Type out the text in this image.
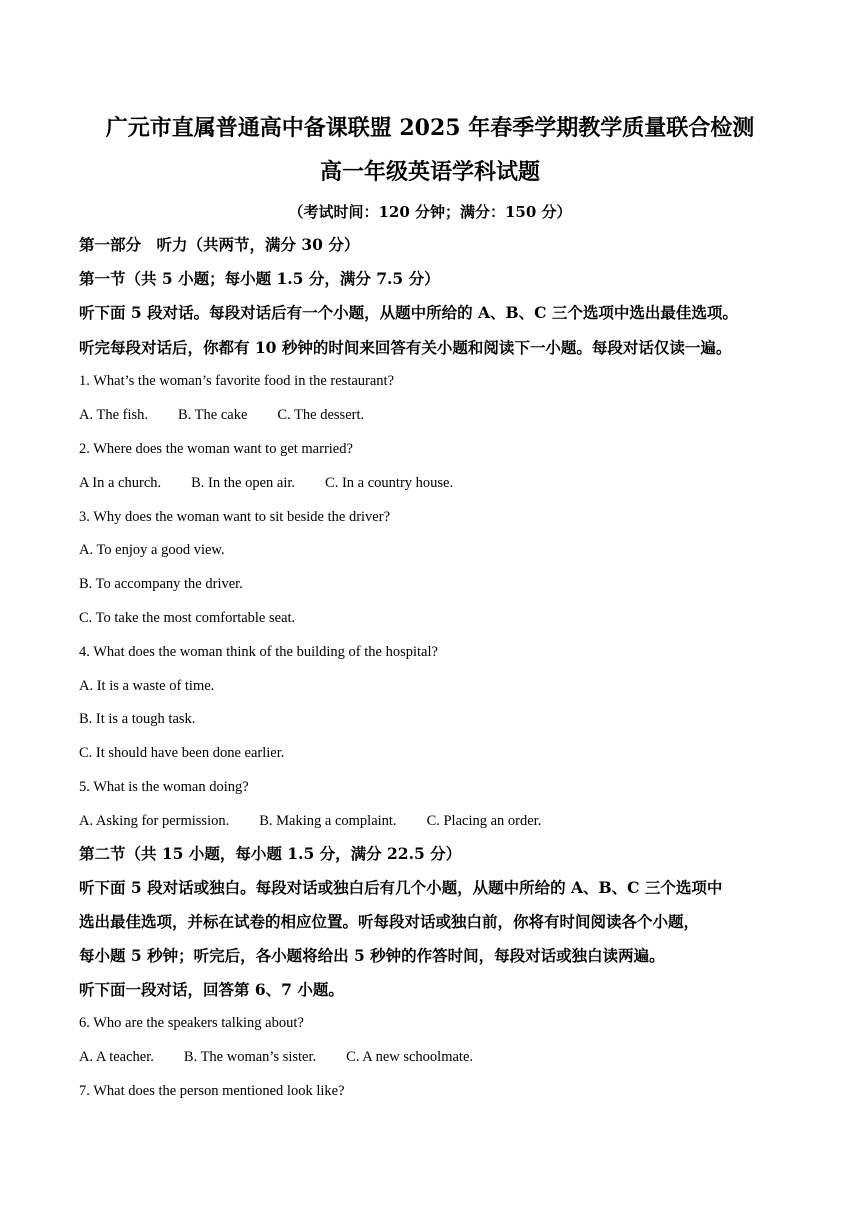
广元市直属普通高中备课联盟 2025 年春季学期教学质量联合检测
高一年级英语学科试题
（考试时间：120 分钟；满分：150 分）
第一部分　听力（共两节，满分 30 分）
第一节（共 5 小题；每小题 1.5 分，满分 7.5 分）
听下面 5 段对话。每段对话后有一个小题，从题中所给的 A、B、C 三个选项中选出最佳选项。
听完每段对话后，你都有 10 秒钟的时间来回答有关小题和阅读下一小题。每段对话仅读一遍。
1. What’s the woman’s favorite food in the restaurant?
A. The fish. B. The cake C. The dessert.
2. Where does the woman want to get married?
A In a church. B. In the open air. C. In a country house.
3. Why does the woman want to sit beside the driver?
A. To enjoy a good view.
B. To accompany the driver.
C. To take the most comfortable seat.
4. What does the woman think of the building of the hospital?
A. It is a waste of time.
B. It is a tough task.
C. It should have been done earlier.
5. What is the woman doing?
A. Asking for permission. B. Making a complaint. C. Placing an order.
第二节（共 15 小题，每小题 1.5 分，满分 22.5 分）
听下面 5 段对话或独白。每段对话或独白后有几个小题，从题中所给的 A、B、C 三个选项中
选出最佳选项，并标在试卷的相应位置。听每段对话或独白前，你将有时间阅读各个小题，
每小题 5 秒钟；听完后，各小题将给出 5 秒钟的作答时间，每段对话或独白读两遍。
听下面一段对话，回答第 6、7 小题。
6. Who are the speakers talking about?
A. A teacher. B. The woman’s sister. C. A new schoolmate.
7. What does the person mentioned look like?
